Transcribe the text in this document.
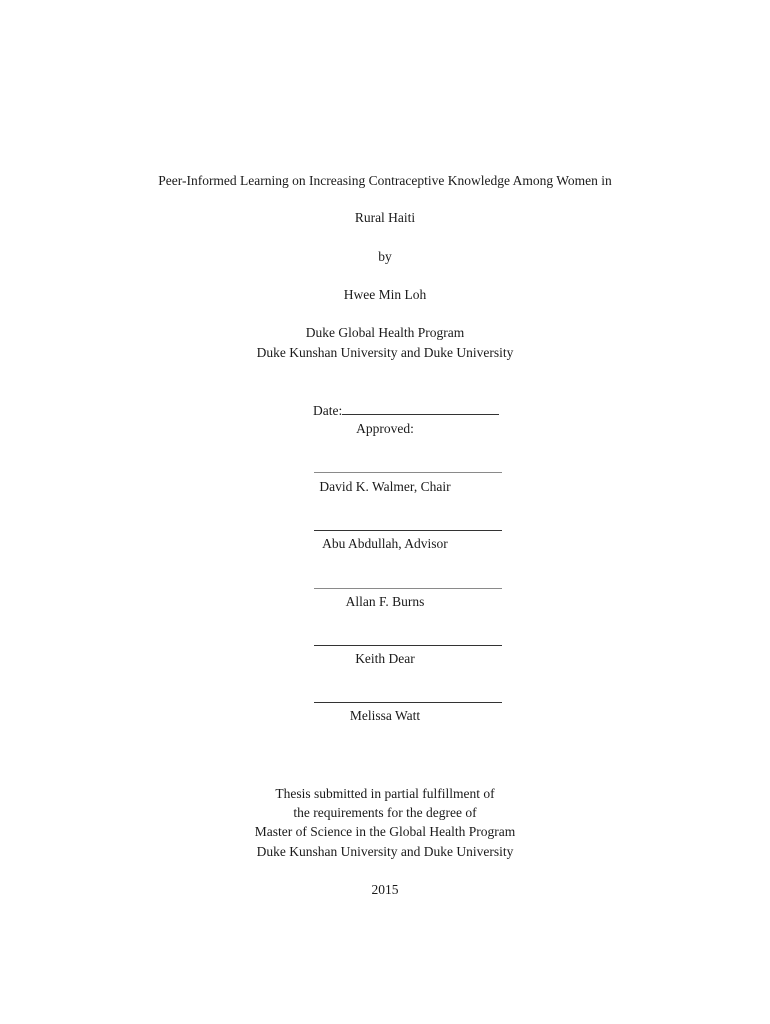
Peer-Informed Learning on Increasing Contraceptive Knowledge Among Women in
Rural Haiti
by
Hwee Min Loh
Duke Global Health Program
Duke Kunshan University and Duke University
Date:
Approved:
David K. Walmer, Chair
Abu Abdullah, Advisor
Allan F. Burns
Keith Dear
Melissa Watt
Thesis submitted in partial fulfillment of
the requirements for the degree of
Master of Science in the Global Health Program
Duke Kunshan University and Duke University
2015
